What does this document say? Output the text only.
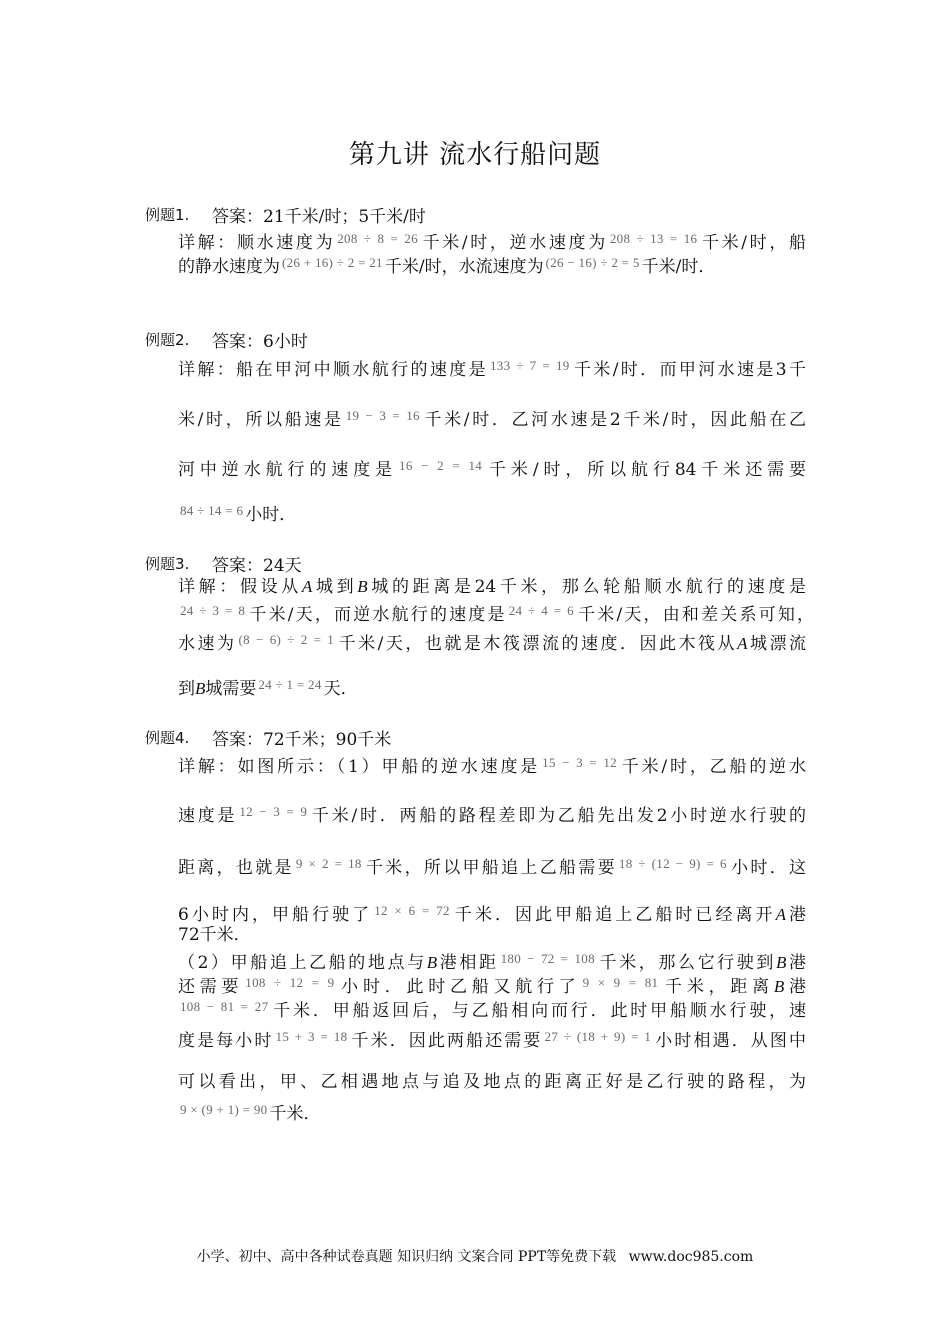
第九讲 流水行船问题
例题1. 答案：21千米/时；5千米/时
详解：顺水速度为 $^{208 \div 8 = 26}$ 千米/时，逆水速度为 $^{208 \div 13 = 16}$ 千米/时，船
的静水速度为 $^{(26 + 16) \div 2 = 21}$ 千米/时，水流速度为 $^{(26 - 16) \div 2 = 5}$ 千米/时．
例题2. 答案：6小时
详解：船在甲河中顺水航行的速度是 $^{133 \div 7 = 19}$ 千米/时．而甲河水速是3千
米/时，所以船速是 $^{19 - 3 = 16}$ 千米/时．乙河水速是2千米/时，因此船在乙
河中逆水航行的速度是 $^{16 - 2 = 14}$ 千米/时，所以航行84千米还需要
$^{84 \div 14 = 6}$ 小时．
例题3. 答案：24天
详解：假设从A城到B城的距离是24千米，那么轮船顺水航行的速度是
$^{24 \div 3 = 8}$ 千米/天，而逆水航行的速度是 $^{24 \div 4 = 6}$ 千米/天，由和差关系可知，
水速为 $^{(8 - 6) \div 2 = 1}$ 千米/天，也就是木筏漂流的速度．因此木筏从A城漂流
到B城需要 $^{24 \div 1 = 24}$ 天．
例题4. 答案：72千米；90千米
详解：如图所示：（1）甲船的逆水速度是 $^{15 - 3 = 12}$ 千米/时，乙船的逆水
速度是 $^{12 - 3 = 9}$ 千米/时．两船的路程差即为乙船先出发2小时逆水行驶的
距离，也就是 $^{9 \times 2 = 18}$ 千米，所以甲船追上乙船需要 $^{18 \div (12 - 9) = 6}$ 小时．这
6小时内，甲船行驶了 $^{12 \times 6 = 72}$ 千米．因此甲船追上乙船时已经离开A港
72千米．
（2）甲船追上乙船的地点与B港相距 $^{180 - 72 = 108}$ 千米，那么它行驶到B港
还需要 $^{108 \div 12 = 9}$ 小时．此时乙船又航行了 $^{9 \times 9 = 81}$ 千米，距离B港
$^{108 - 81 = 27}$ 千米．甲船返回后，与乙船相向而行．此时甲船顺水行驶，速
度是每小时 $^{15 + 3 = 18}$ 千米．因此两船还需要 $^{27 \div (18 + 9) = 1}$ 小时相遇．从图中
可以看出，甲、乙相遇地点与追及地点的距离正好是乙行驶的路程，为
$^{9 \times (9 + 1) = 90}$ 千米．
小学、初中、高中各种试卷真题 知识归纳 文案合同 PPT等免费下载 www.doc985.com
